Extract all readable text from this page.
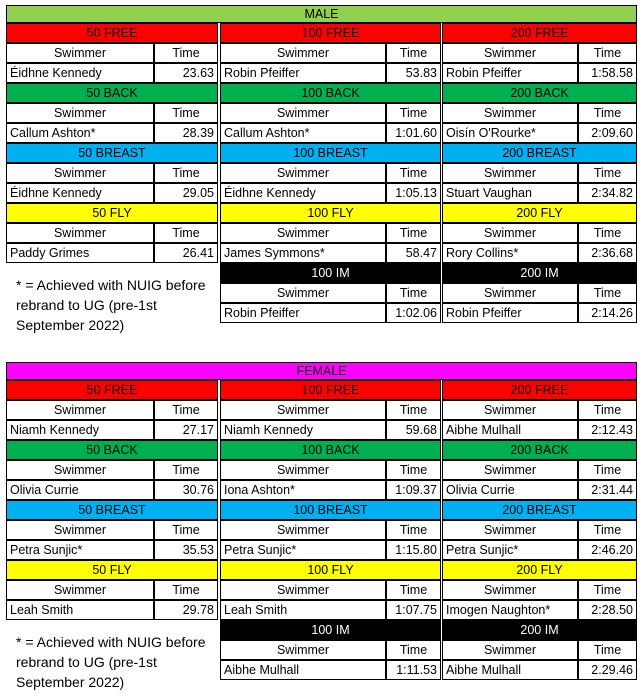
MALE
50 FREE
Swimmer	Time
Éidhne Kennedy	23.63
100 FREE
Swimmer	Time
Robin Pfeiffer	53.83
200 FREE
Swimmer	Time
Robin Pfeiffer	1:58.58
50 BACK
Swimmer	Time
Callum Ashton*	28.39
100 BACK
Swimmer	Time
Callum Ashton*	1:01.60
200 BACK
Swimmer	Time
Oisín O'Rourke*	2:09.60
50 BREAST
Swimmer	Time
Éidhne Kennedy	29.05
100 BREAST
Swimmer	Time
Éidhne Kennedy	1:05.13
200 BREAST
Swimmer	Time
Stuart Vaughan	2:34.82
50 FLY
Swimmer	Time
Paddy Grimes	26.41
100 FLY
Swimmer	Time
James Symmons*	58.47
200 FLY
Swimmer	Time
Rory Collins*	2:36.68
100 IM
Swimmer	Time
Robin Pfeiffer	1:02.06
200 IM
Swimmer	Time
Robin Pfeiffer	2:14.26
FEMALE
50 FREE
Swimmer	Time
Niamh Kennedy	27.17
100 FREE
Swimmer	Time
Niamh Kennedy	59.68
200 FREE
Swimmer	Time
Aibhe Mulhall	2:12.43
50 BACK
Swimmer	Time
Olivia Currie	30.76
100 BACK
Swimmer	Time
Iona Ashton*	1:09.37
200 BACK
Swimmer	Time
Olivia Currie	2:31.44
50 BREAST
Swimmer	Time
Petra Sunjic*	35.53
100 BREAST
Swimmer	Time
Petra Sunjic*	1:15.80
200 BREAST
Swimmer	Time
Petra Sunjic*	2:46.20
50 FLY
Swimmer	Time
Leah Smith	29.78
100 FLY
Swimmer	Time
Leah Smith	1:07.75
200 FLY
Swimmer	Time
Imogen Naughton*	2:28.50
100 IM
Swimmer	Time
Aibhe Mulhall	1:11.53
200 IM
Swimmer	Time
Aibhe Mulhall	2.29.46
* = Achieved with NUIG before rebrand to UG (pre-1st September 2022)
* = Achieved with NUIG before rebrand to UG (pre-1st September 2022)
